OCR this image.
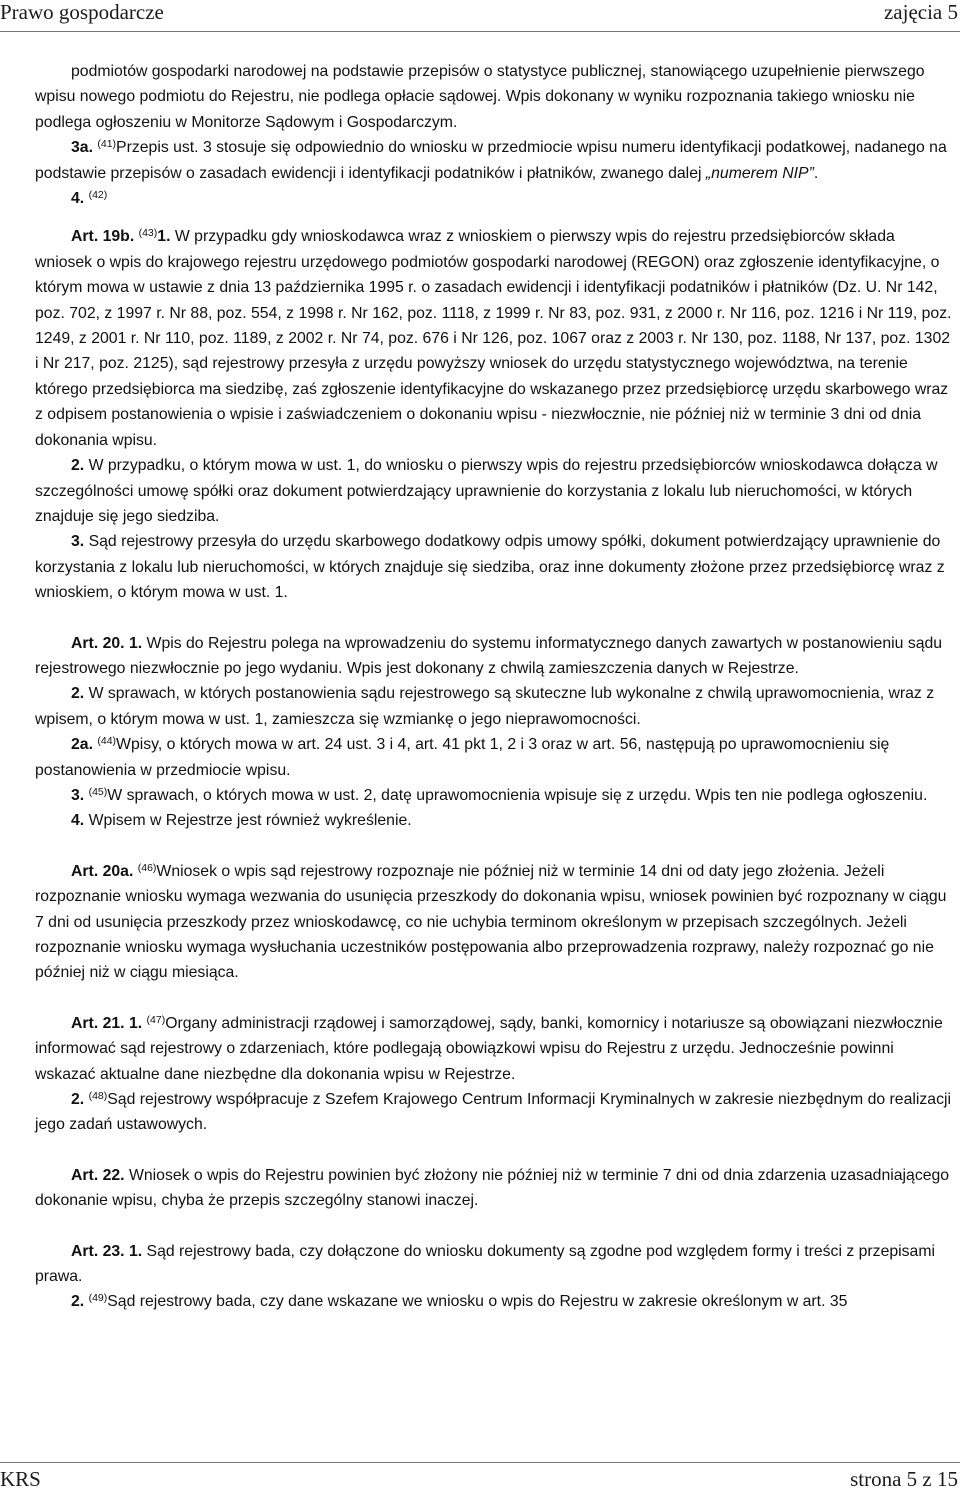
Prawo gospodarcze	zajęcia 5

podmiotów gospodarki narodowej na podstawie przepisów o statystyce publicznej, stanowiącego uzupełnienie pierwszego wpisu nowego podmiotu do Rejestru, nie podlega opłacie sądowej. Wpis dokonany w wyniku rozpoznania takiego wniosku nie podlega ogłoszeniu w Monitorze Sądowym i Gospodarczym.

3a. $^{(41)}$Przepis ust. 3 stosuje się odpowiednio do wniosku w przedmiocie wpisu numeru identyfikacji podatkowej, nadanego na podstawie przepisów o zasadach ewidencji i identyfikacji podatników i płatników, zwanego dalej „numerem NIP”.

4. $^{(42)}$

Art. 19b. $^{(43)}$1. W przypadku gdy wnioskodawca wraz z wnioskiem o pierwszy wpis do rejestru przedsiębiorców składa wniosek o wpis do krajowego rejestru urzędowego podmiotów gospodarki narodowej (REGON) oraz zgłoszenie identyfikacyjne, o którym mowa w ustawie z dnia 13 października 1995 r. o zasadach ewidencji i identyfikacji podatników i płatników (Dz. U. Nr 142, poz. 702, z 1997 r. Nr 88, poz. 554, z 1998 r. Nr 162, poz. 1118, z 1999 r. Nr 83, poz. 931, z 2000 r. Nr 116, poz. 1216 i Nr 119, poz. 1249, z 2001 r. Nr 110, poz. 1189, z 2002 r. Nr 74, poz. 676 i Nr 126, poz. 1067 oraz z 2003 r. Nr 130, poz. 1188, Nr 137, poz. 1302 i Nr 217, poz. 2125), sąd rejestrowy przesyła z urzędu powyższy wniosek do urzędu statystycznego województwa, na terenie którego przedsiębiorca ma siedzibę, zaś zgłoszenie identyfikacyjne do wskazanego przez przedsiębiorcę urzędu skarbowego wraz z odpisem postanowienia o wpisie i zaświadczeniem o dokonaniu wpisu - niezwłocznie, nie później niż w terminie 3 dni od dnia dokonania wpisu.

2. W przypadku, o którym mowa w ust. 1, do wniosku o pierwszy wpis do rejestru przedsiębiorców wnioskodawca dołącza w szczególności umowę spółki oraz dokument potwierdzający uprawnienie do korzystania z lokalu lub nieruchomości, w których znajduje się jego siedziba.

3. Sąd rejestrowy przesyła do urzędu skarbowego dodatkowy odpis umowy spółki, dokument potwierdzający uprawnienie do korzystania z lokalu lub nieruchomości, w których znajduje się siedziba, oraz inne dokumenty złożone przez przedsiębiorcę wraz z wnioskiem, o którym mowa w ust. 1.

Art. 20. 1. Wpis do Rejestru polega na wprowadzeniu do systemu informatycznego danych zawartych w postanowieniu sądu rejestrowego niezwłocznie po jego wydaniu. Wpis jest dokonany z chwilą zamieszczenia danych w Rejestrze.

2. W sprawach, w których postanowienia sądu rejestrowego są skuteczne lub wykonalne z chwilą uprawomocnienia, wraz z wpisem, o którym mowa w ust. 1, zamieszcza się wzmiankę o jego nieprawomocności.

2a. $^{(44)}$Wpisy, o których mowa w art. 24 ust. 3 i 4, art. 41 pkt 1, 2 i 3 oraz w art. 56, następują po uprawomocnieniu się postanowienia w przedmiocie wpisu.

3. $^{(45)}$W sprawach, o których mowa w ust. 2, datę uprawomocnienia wpisuje się z urzędu. Wpis ten nie podlega ogłoszeniu.

4. Wpisem w Rejestrze jest również wykreślenie.

Art. 20a. $^{(46)}$Wniosek o wpis sąd rejestrowy rozpoznaje nie później niż w terminie 14 dni od daty jego złożenia. Jeżeli rozpoznanie wniosku wymaga wezwania do usunięcia przeszkody do dokonania wpisu, wniosek powinien być rozpoznany w ciągu 7 dni od usunięcia przeszkody przez wnioskodawcę, co nie uchybia terminom określonym w przepisach szczególnych. Jeżeli rozpoznanie wniosku wymaga wysłuchania uczestników postępowania albo przeprowadzenia rozprawy, należy rozpoznać go nie później niż w ciągu miesiąca.

Art. 21. 1. $^{(47)}$Organy administracji rządowej i samorządowej, sądy, banki, komornicy i notariusze są obowiązani niezwłocznie informować sąd rejestrowy o zdarzeniach, które podlegają obowiązkowi wpisu do Rejestru z urzędu. Jednocześnie powinni wskazać aktualne dane niezbędne dla dokonania wpisu w Rejestrze.

2. $^{(48)}$Sąd rejestrowy współpracuje z Szefem Krajowego Centrum Informacji Kryminalnych w zakresie niezbędnym do realizacji jego zadań ustawowych.

Art. 22. Wniosek o wpis do Rejestru powinien być złożony nie później niż w terminie 7 dni od dnia zdarzenia uzasadniającego dokonanie wpisu, chyba że przepis szczególny stanowi inaczej.

Art. 23. 1. Sąd rejestrowy bada, czy dołączone do wniosku dokumenty są zgodne pod względem formy i treści z przepisami prawa.

2. $^{(49)}$Sąd rejestrowy bada, czy dane wskazane we wniosku o wpis do Rejestru w zakresie określonym w art. 35

KRS	strona 5 z 15
